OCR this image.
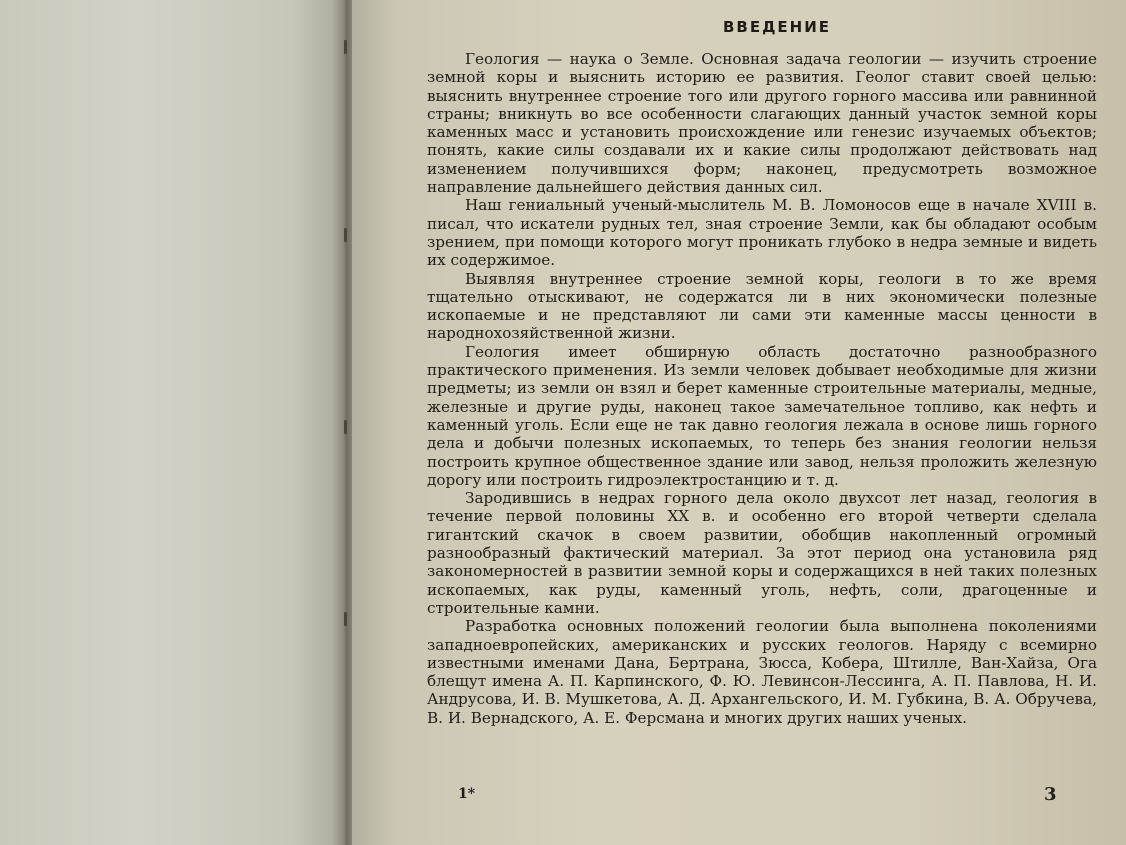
ВВЕДЕНИЕ

Геология — наука о Земле. Основная задача геологии — изучить строение земной коры и выяснить историю ее развития. Геолог ставит своей целью: выяснить внутреннее строение того или другого горного массива или равнинной страны; вникнуть во все особенности слагающих данный участок земной коры каменных масс и установить происхождение или генезис изучаемых объектов; понять, какие силы создавали их и какие силы продолжают действовать над изменением получившихся форм; наконец, предусмотреть возможное направление дальнейшего действия данных сил.

Наш гениальный ученый-мыслитель М. В. Ломоносов еще в начале XVIII в. писал, что искатели рудных тел, зная строение Земли, как бы обладают особым зрением, при помощи которого могут проникать глубоко в недра земные и видеть их содержимое.

Выявляя внутреннее строение земной коры, геологи в то же время тщательно отыскивают, не содержатся ли в них экономически полезные ископаемые и не представляют ли сами эти каменные массы ценности в народнохозяйственной жизни.

Геология имеет обширную область достаточно разнообразного практического применения. Из земли человек добывает необходимые для жизни предметы; из земли он взял и берет каменные строительные материалы, медные, железные и другие руды, наконец такое замечательное топливо, как нефть и каменный уголь. Если еще не так давно геология лежала в основе лишь горного дела и добычи полезных ископаемых, то теперь без знания геологии нельзя построить крупное общественное здание или завод, нельзя проложить железную дорогу или построить гидроэлектростанцию и т. д.

Зародившись в недрах горного дела около двухсот лет назад, геология в течение первой половины XX в. и особенно его второй четверти сделала гигантский скачок в своем развитии, обобщив накопленный огромный разнообразный фактический материал. За этот период она установила ряд закономерностей в развитии земной коры и содержащихся в ней таких полезных ископаемых, как руды, каменный уголь, нефть, соли, драгоценные и строительные камни.

Разработка основных положений геологии была выполнена поколениями западноевропейских, американских и русских геологов. Наряду с всемирно известными именами Дана, Бертрана, Зюсса, Кобера, Штилле, Ван-Хайза, Ога блещут имена А. П. Карпинского, Ф. Ю. Левинсон-Лессинга, А. П. Павлова, Н. И. Андрусова, И. В. Мушкетова, А. Д. Архангельского, И. М. Губкина, В. А. Обручева, В. И. Вернадского, А. Е. Ферсмана и многих других наших ученых.

1*	3
